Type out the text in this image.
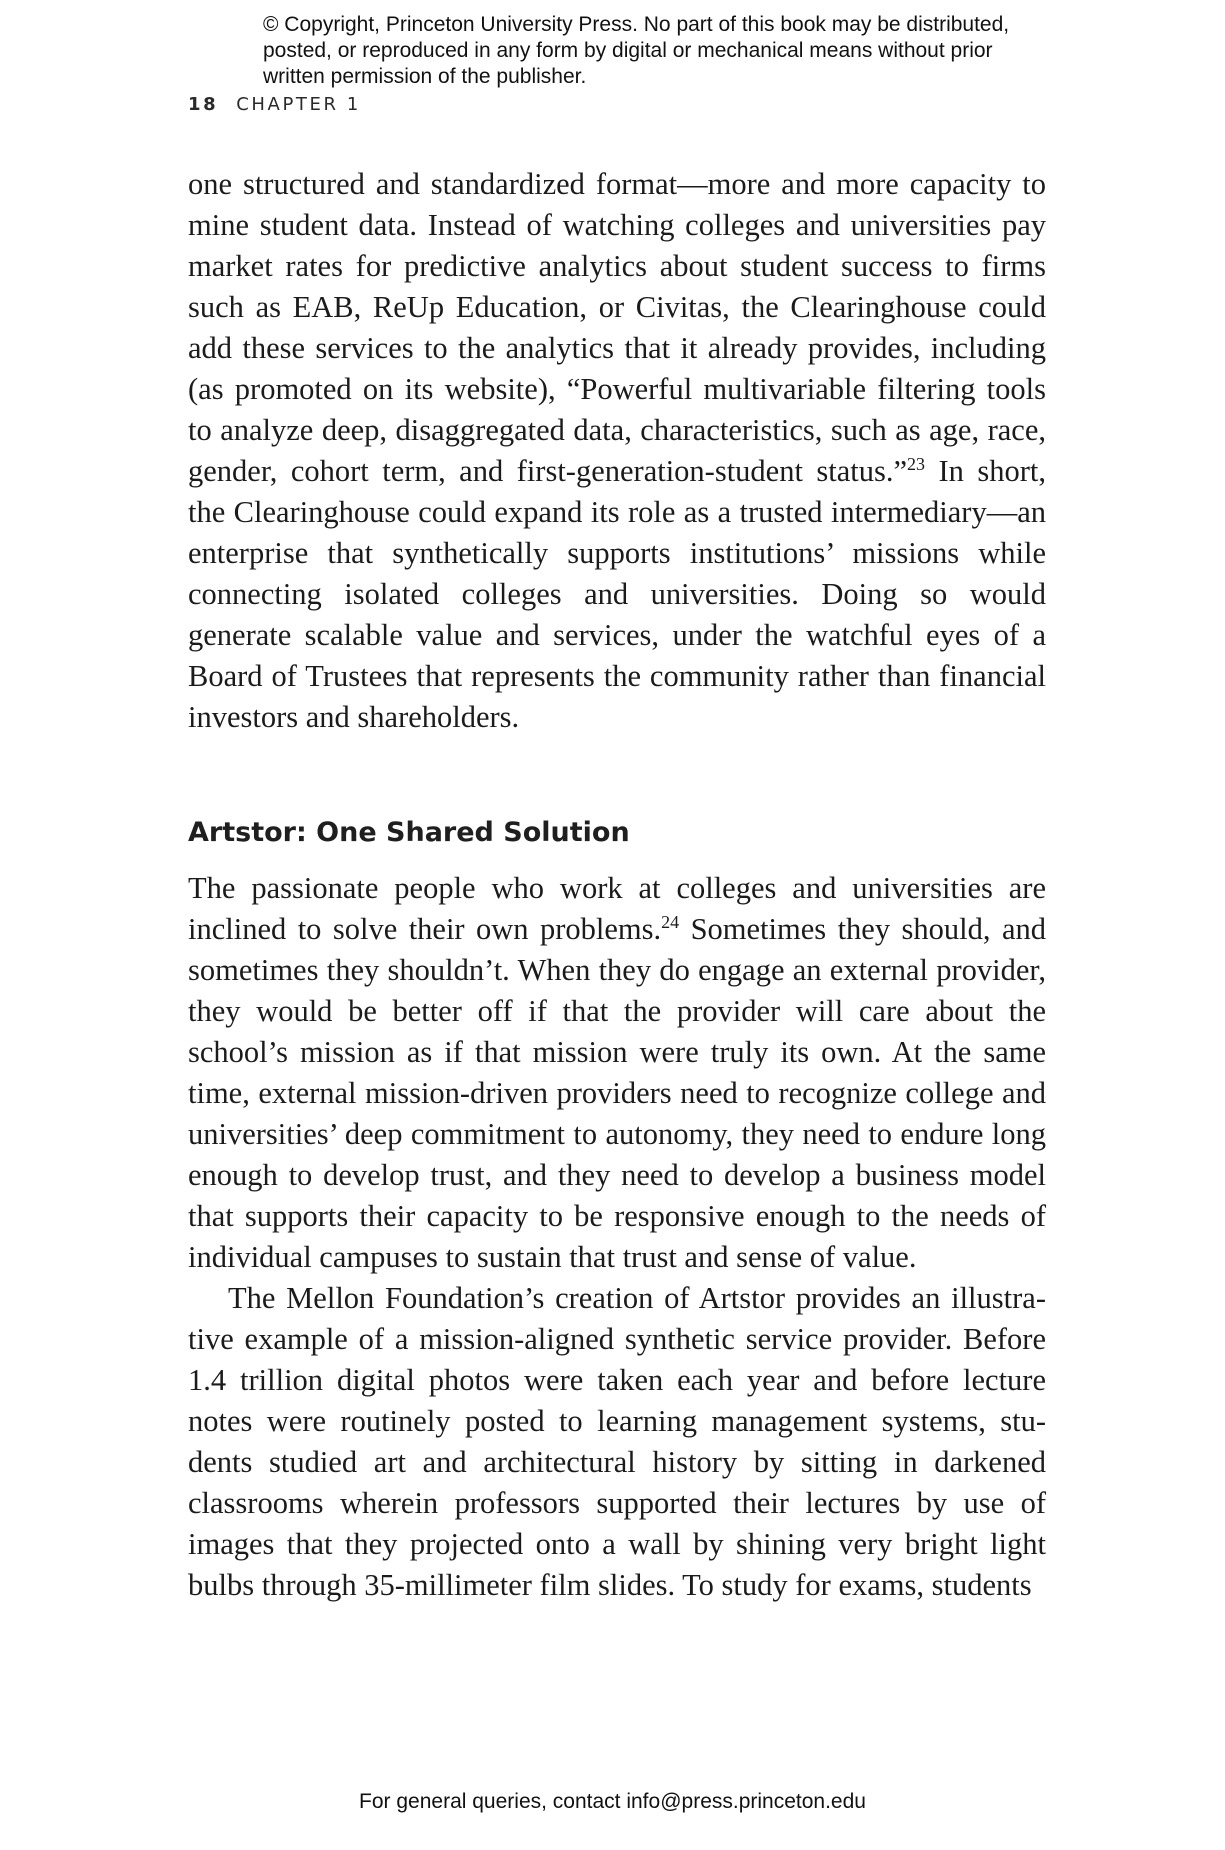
© Copyright, Princeton University Press. No part of this book may be distributed, posted, or reproduced in any form by digital or mechanical means without prior written permission of the publisher.
18 CHAPTER 1

one structured and standardized format—more and more capacity to mine student data. Instead of watching colleges and universities pay market rates for predictive analytics about student success to firms such as EAB, ReUp Education, or Civitas, the Clearinghouse could add these services to the analytics that it already provides, including (as promoted on its website), “Powerful multivariable filtering tools to analyze deep, disaggregated data, characteristics, such as age, race, gender, cohort term, and first-generation-student status.”$^{23}$ In short, the Clearinghouse could expand its role as a trusted intermediary—an enterprise that synthetically supports institutions’ missions while connecting isolated colleges and universities. Doing so would generate scalable value and services, under the watchful eyes of a Board of Trustees that represents the community rather than financial investors and shareholders.

Artstor: One Shared Solution

The passionate people who work at colleges and universities are inclined to solve their own problems.$^{24}$ Sometimes they should, and sometimes they shouldn’t. When they do engage an external provider, they would be better off if that the provider will care about the school’s mission as if that mission were truly its own. At the same time, external mission-driven providers need to recognize college and universities’ deep commitment to autonomy, they need to endure long enough to develop trust, and they need to develop a business model that supports their capacity to be responsive enough to the needs of individual campuses to sustain that trust and sense of value.

The Mellon Foundation’s creation of Artstor provides an illustrative example of a mission-aligned synthetic service provider. Before 1.4 trillion digital photos were taken each year and before lecture notes were routinely posted to learning management systems, students studied art and architectural history by sitting in darkened classrooms wherein professors supported their lectures by use of images that they projected onto a wall by shining very bright light bulbs through 35-millimeter film slides. To study for exams, students

For general queries, contact info@press.princeton.edu
